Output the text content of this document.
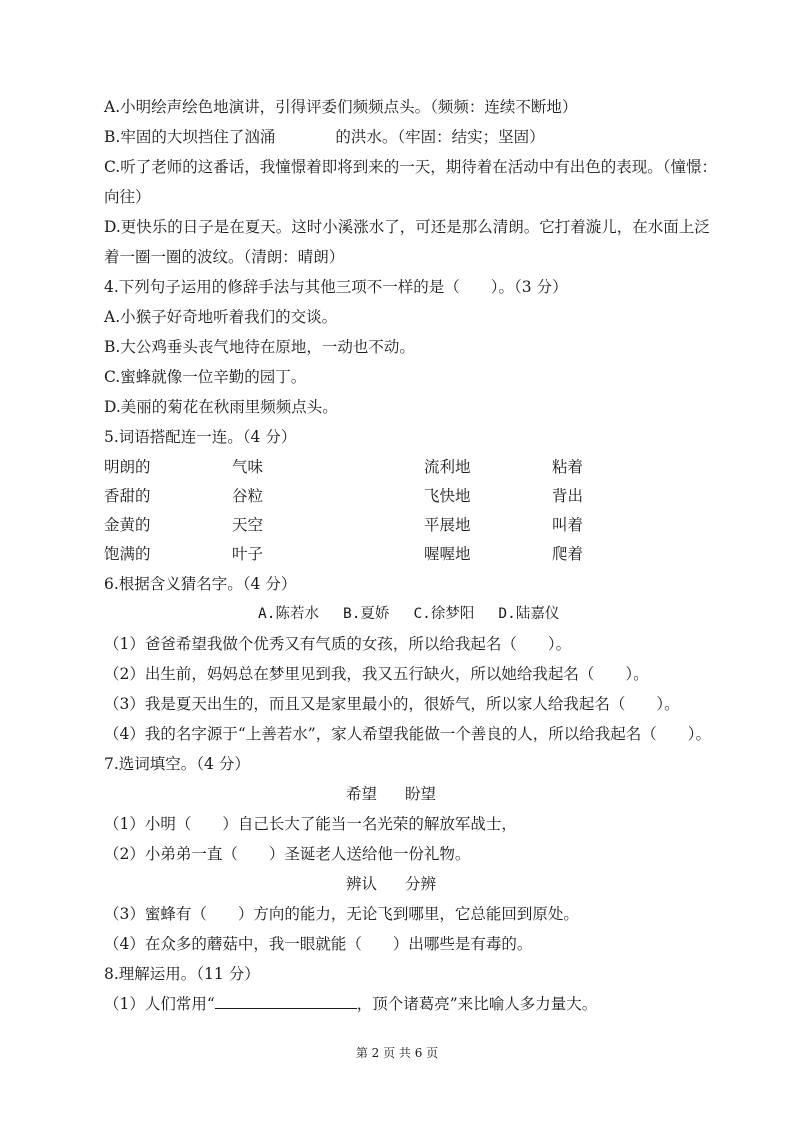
A.小明绘声绘色地演讲，引得评委们频频点头。（频频：连续不断地）
B.牢固的大坝挡住了汹涌	的洪水。（牢固：结实；坚固）
C.听了老师的这番话，我憧憬着即将到来的一天，期待着在活动中有出色的表现。（憧憬：
向往）
D.更快乐的日子是在夏天。这时小溪涨水了，可还是那么清朗。它打着漩儿，在水面上泛
着一圈一圈的波纹。（清朗：晴朗）
4.下列句子运用的修辞手法与其他三项不一样的是（　　）。（3 分）
A.小猴子好奇地听着我们的交谈。
B.大公鸡垂头丧气地待在原地，一动也不动。
C.蜜蜂就像一位辛勤的园丁。
D.美丽的菊花在秋雨里频频点头。
5.词语搭配连一连。（4 分）
明朗的	气味	流利地	粘着
香甜的	谷粒	飞快地	背出
金黄的	天空	平展地	叫着
饱满的	叶子	喔喔地	爬着
6.根据含义猜名字。（4 分）
A.陈若水 B.夏娇 C.徐梦阳 D.陆嘉仪
（1）爸爸希望我做个优秀又有气质的女孩，所以给我起名（　　）。
（2）出生前，妈妈总在梦里见到我，我又五行缺火，所以她给我起名（　　）。
（3）我是夏天出生的，而且又是家里最小的，很娇气，所以家人给我起名（　　）。
（4）我的名字源于“上善若水”，家人希望我能做一个善良的人，所以给我起名（　　）。
7.选词填空。（4 分）
希望 盼望
（1）小明（　　）自己长大了能当一名光荣的解放军战士，
（2）小弟弟一直（　　）圣诞老人送给他一份礼物。
辨认 分辨
（3）蜜蜂有（　　）方向的能力，无论飞到哪里，它总能回到原处。
（4）在众多的蘑菇中，我一眼就能（　　）出哪些是有毒的。
8.理解运用。（11 分）
（1）人们常用“	，顶个诸葛亮”来比喻人多力量大。
第 2 页 共 6 页
